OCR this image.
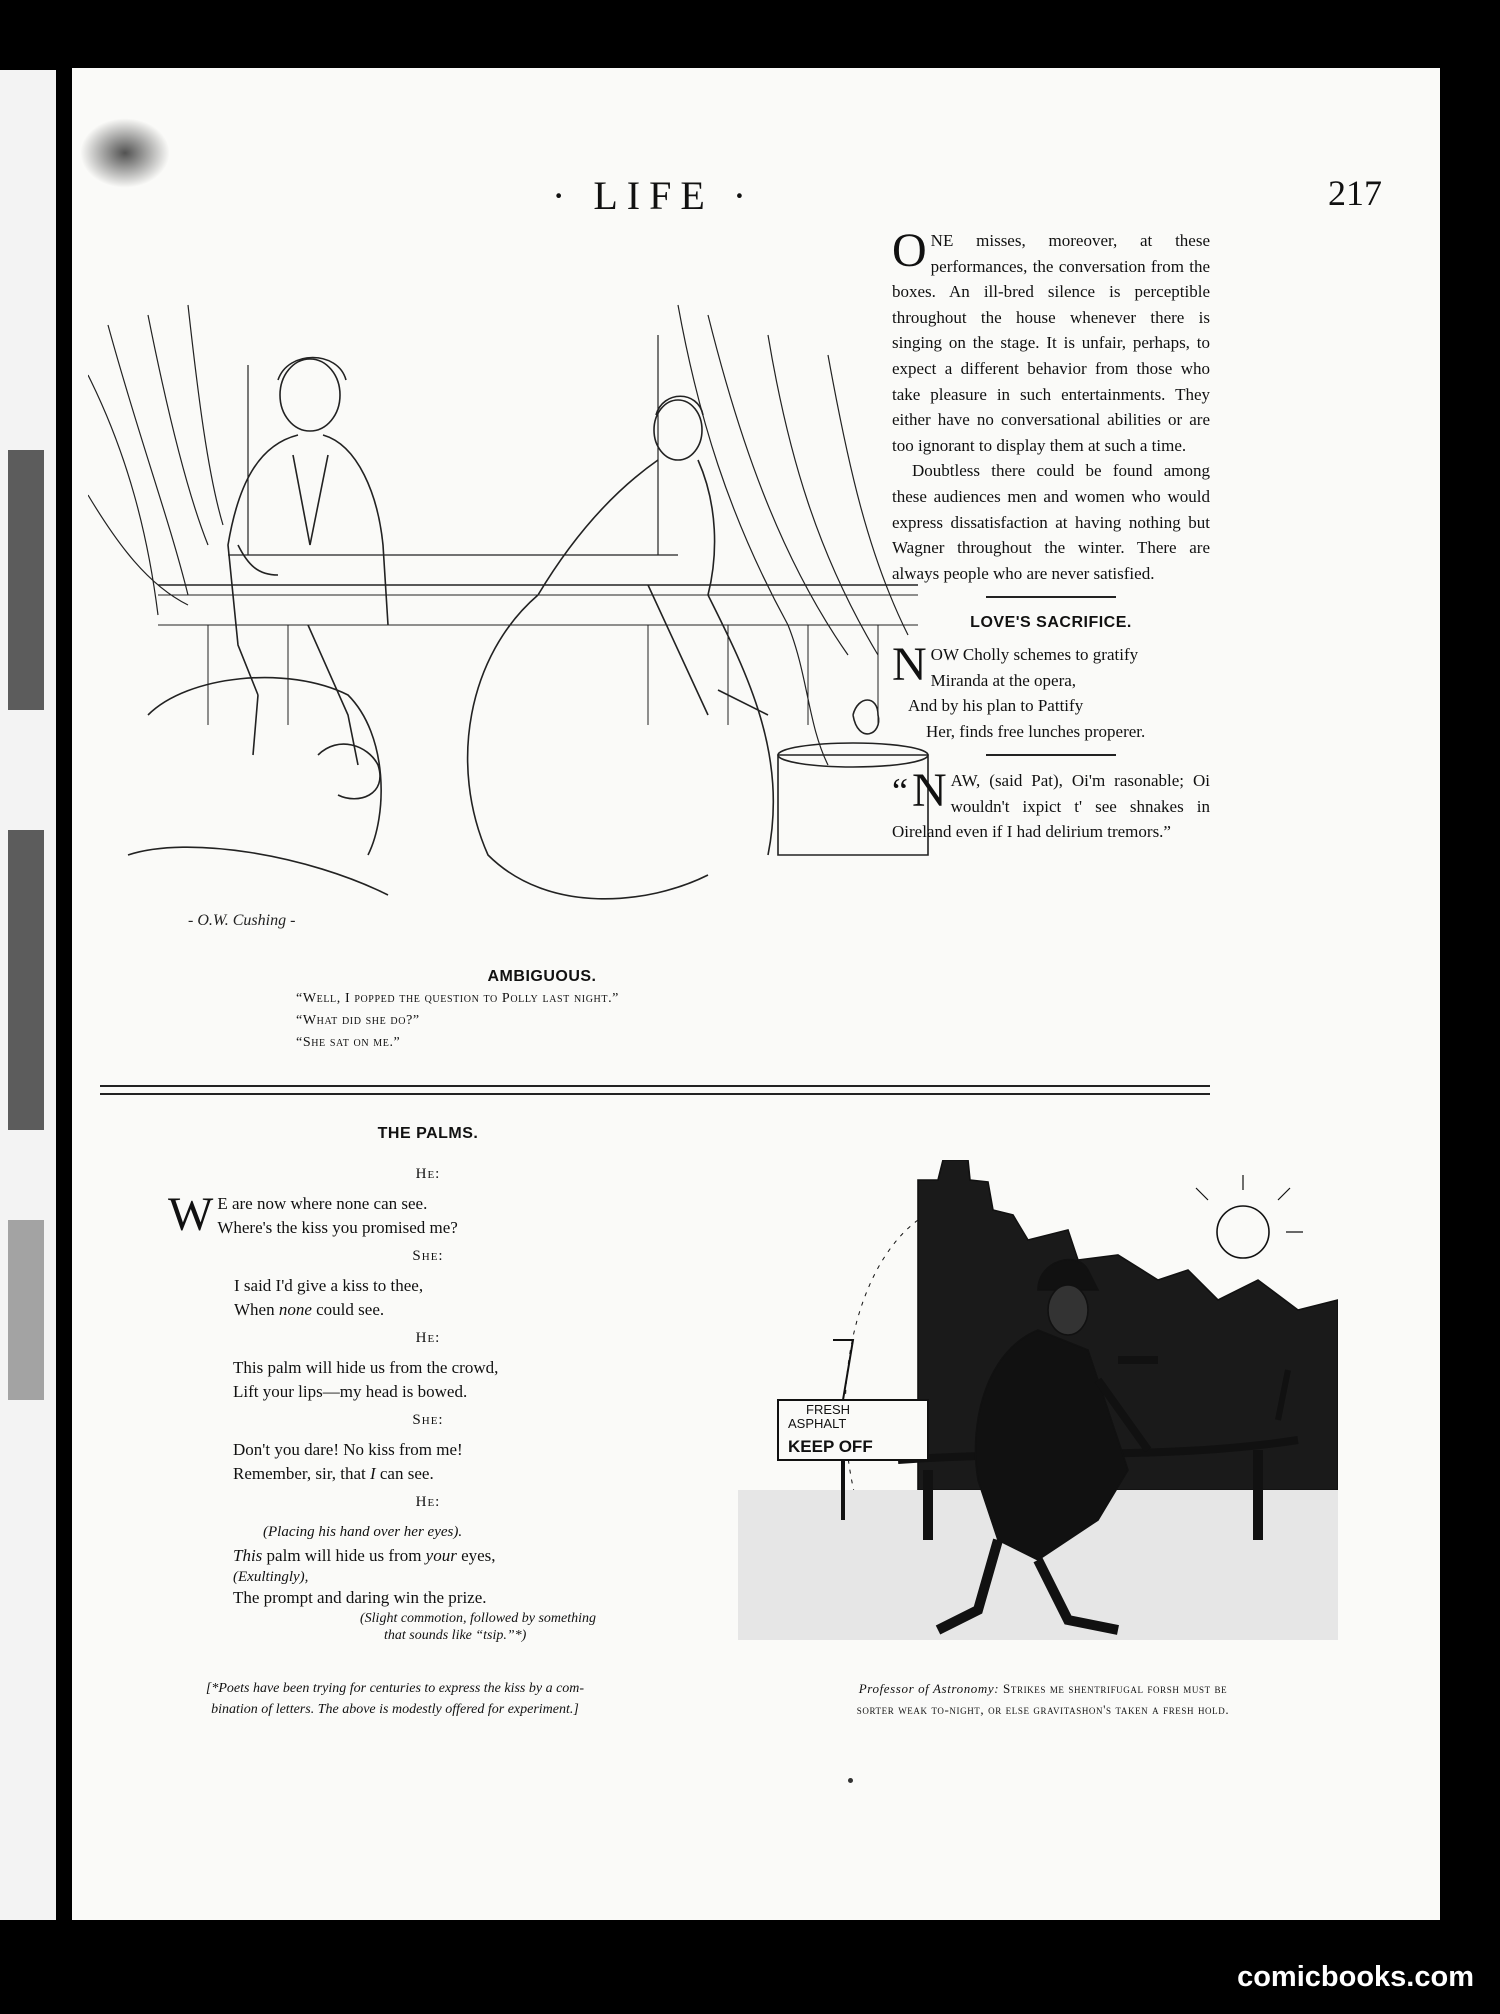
· LIFE ·	217
- O.W. Cushing -
AMBIGUOUS.
“Well, I popped the question to Polly last night.”
“What did she do?”
“She sat on me.”

ONE misses, moreover, at these performances, the conversation from the boxes. An ill-bred silence is perceptible throughout the house whenever there is singing on the stage. It is unfair, perhaps, to expect a different behavior from those who take pleasure in such entertainments. They either have no conversational abilities or are too ignorant to display them at such a time.

Doubtless there could be found among these audiences men and women who would express dissatisfaction at having nothing but Wagner throughout the winter. There are always people who are never satisfied.

LOVE'S SACRIFICE.
NOW Cholly schemes to gratify
Miranda at the opera,
And by his plan to Pattify
Her, finds free lunches properer.

“ N AW, (said Pat), Oi'm rasonable; Oi wouldn't ixpict t' see shnakes in Oireland even if I had delirium tremors.”

THE PALMS.
He:
W E are now where none can see.
Where's the kiss you promised me?
She:
I said I'd give a kiss to thee,
When none could see.
He:
This palm will hide us from the crowd,
Lift your lips—my head is bowed.
She:
Don't you dare! No kiss from me!
Remember, sir, that I can see.
He:
(Placing his hand over her eyes).
This palm will hide us from your eyes,
(Exultingly),
The prompt and daring win the prize.
(Slight commotion, followed by something
that sounds like “tsip.”*)
[*Poets have been trying for centuries to express the kiss by a com-
bination of letters. The above is modestly offered for experiment.]
FRESH
ASPHALT
KEEP OFF
Professor of Astronomy: Strikes me shentrifugal forsh must be
sorter weak to-night, or else gravitashon's taken a fresh hold.
comicbooks.com
